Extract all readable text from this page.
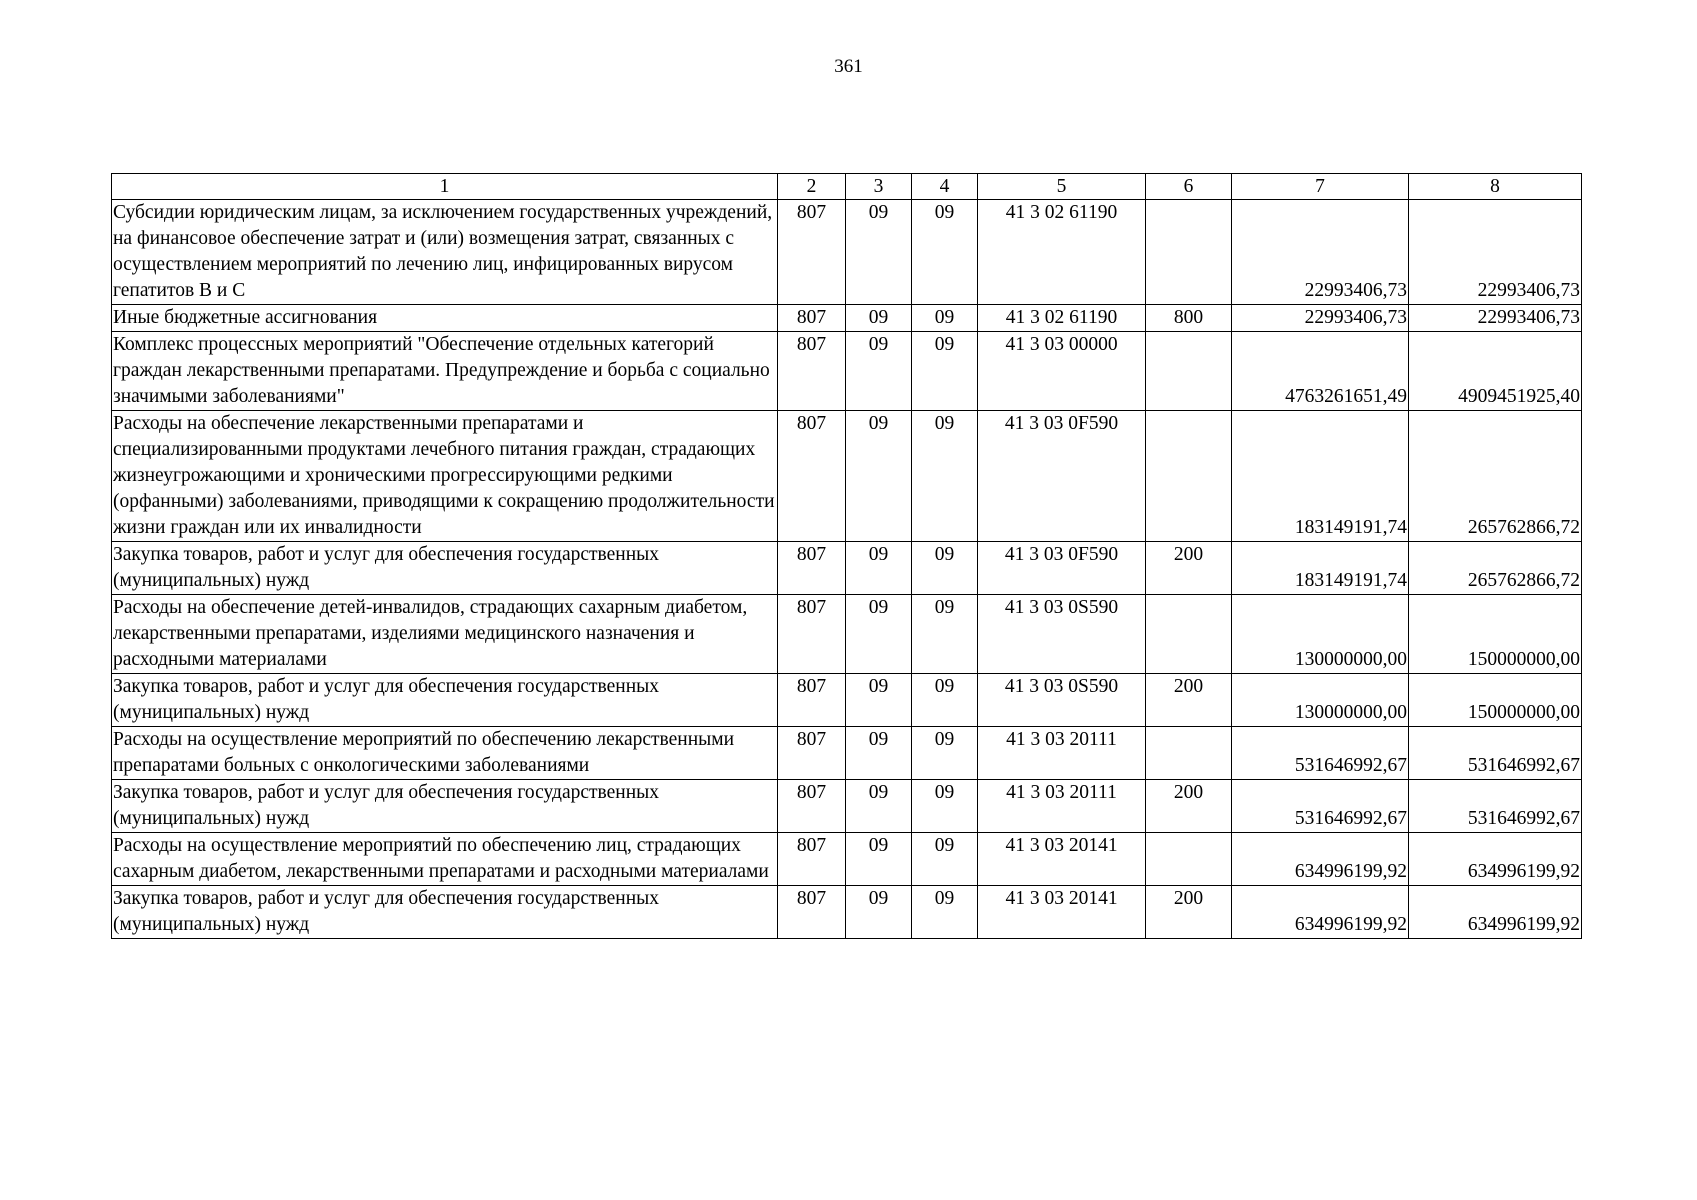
361
1	2	3	4	5	6	7	8
Субсидии юридическим лицам, за исключением государственных учреждений, на финансовое обеспечение затрат и (или) возмещения затрат, связанных с осуществлением мероприятий по лечению лиц, инфицированных вирусом гепатитов B и C	807	09	09	41 3 02 61190		22993406,73	22993406,73
Иные бюджетные ассигнования	807	09	09	41 3 02 61190	800	22993406,73	22993406,73
Комплекс процессных мероприятий "Обеспечение отдельных категорий граждан лекарственными препаратами. Предупреждение и борьба с социально значимыми заболеваниями"	807	09	09	41 3 03 00000		4763261651,49	4909451925,40
Расходы на обеспечение лекарственными препаратами и специализированными продуктами лечебного питания граждан, страдающих жизнеугрожающими и хроническими прогрессирующими редкими (орфанными) заболеваниями, приводящими к сокращению продолжительности жизни граждан или их инвалидности	807	09	09	41 3 03 0F590		183149191,74	265762866,72
Закупка товаров, работ и услуг для обеспечения государственных (муниципальных) нужд	807	09	09	41 3 03 0F590	200	183149191,74	265762866,72
Расходы на обеспечение детей-инвалидов, страдающих сахарным диабетом, лекарственными препаратами, изделиями медицинского назначения и расходными материалами	807	09	09	41 3 03 0S590		130000000,00	150000000,00
Закупка товаров, работ и услуг для обеспечения государственных (муниципальных) нужд	807	09	09	41 3 03 0S590	200	130000000,00	150000000,00
Расходы на осуществление мероприятий по обеспечению лекарственными препаратами больных с онкологическими заболеваниями	807	09	09	41 3 03 20111		531646992,67	531646992,67
Закупка товаров, работ и услуг для обеспечения государственных (муниципальных) нужд	807	09	09	41 3 03 20111	200	531646992,67	531646992,67
Расходы на осуществление мероприятий по обеспечению лиц, страдающих сахарным диабетом, лекарственными препаратами и расходными материалами	807	09	09	41 3 03 20141		634996199,92	634996199,92
Закупка товаров, работ и услуг для обеспечения государственных (муниципальных) нужд	807	09	09	41 3 03 20141	200	634996199,92	634996199,92
